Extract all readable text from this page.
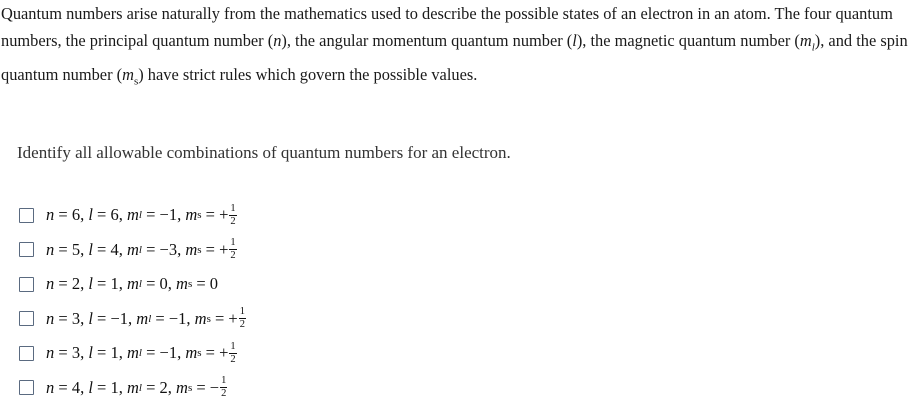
Quantum numbers arise naturally from the mathematics used to describe the possible states of an electron in an atom. The four quantum numbers, the principal quantum number (n), the angular momentum quantum number (l), the magnetic quantum number $(m_l)$, and the spin quantum number $(m_s)$ have strict rules which govern the possible values.
Identify all allowable combinations of quantum numbers for an electron.
n = 6 , l = 6 , m l = −1 , m s = + $\frac{1}{2}$
n = 5 , l = 4 , m l = −3 , m s = + $\frac{1}{2}$
n = 2 , l = 1 , m l = 0 , m s = 0
n = 3 , l = −1 , m l = −1 , m s = + $\frac{1}{2}$
n = 3 , l = 1 , m l = −1 , m s = + $\frac{1}{2}$
n = 4 , l = 1 , m l = 2 , m s = − $\frac{1}{2}$
